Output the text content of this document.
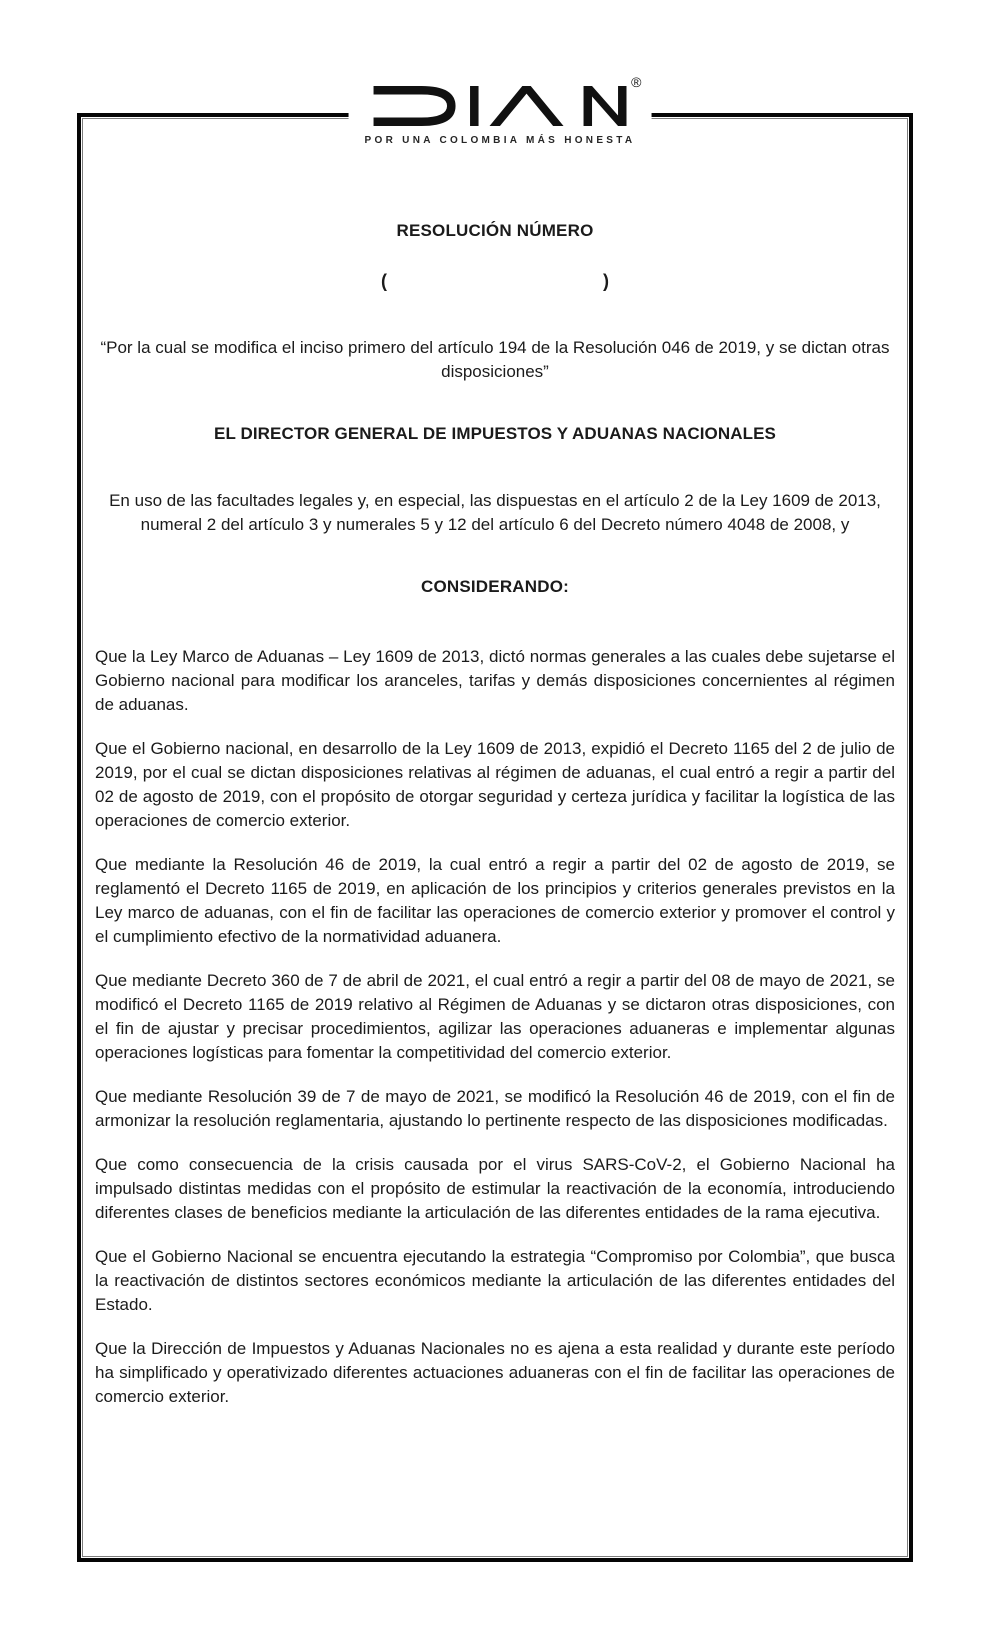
®
POR UNA COLOMBIA MÁS HONESTA
RESOLUCIÓN NÚMERO
(	)
“Por la cual se modifica el inciso primero del artículo 194 de la Resolución 046 de 2019, y se dictan otras disposiciones”
EL DIRECTOR GENERAL DE IMPUESTOS Y ADUANAS NACIONALES
En uso de las facultades legales y, en especial, las dispuestas en el artículo 2 de la Ley 1609 de 2013, numeral 2 del artículo 3 y numerales 5 y 12 del artículo 6 del Decreto número 4048 de 2008, y
CONSIDERANDO:

Que la Ley Marco de Aduanas – Ley 1609 de 2013, dictó normas generales a las cuales debe sujetarse el Gobierno nacional para modificar los aranceles, tarifas y demás disposiciones concernientes al régimen de aduanas.

Que el Gobierno nacional, en desarrollo de la Ley 1609 de 2013, expidió el Decreto 1165 del 2 de julio de 2019, por el cual se dictan disposiciones relativas al régimen de aduanas, el cual entró a regir a partir del 02 de agosto de 2019, con el propósito de otorgar seguridad y certeza jurídica y facilitar la logística de las operaciones de comercio exterior.

Que mediante la Resolución 46 de 2019, la cual entró a regir a partir del 02 de agosto de 2019, se reglamentó el Decreto 1165 de 2019, en aplicación de los principios y criterios generales previstos en la Ley marco de aduanas, con el fin de facilitar las operaciones de comercio exterior y promover el control y el cumplimiento efectivo de la normatividad aduanera.

Que mediante Decreto 360 de 7 de abril de 2021, el cual entró a regir a partir del 08 de mayo de 2021, se modificó el Decreto 1165 de 2019 relativo al Régimen de Aduanas y se dictaron otras disposiciones, con el fin de ajustar y precisar procedimientos, agilizar las operaciones aduaneras e implementar algunas operaciones logísticas para fomentar la competitividad del comercio exterior.

Que mediante Resolución 39 de 7 de mayo de 2021, se modificó la Resolución 46 de 2019, con el fin de armonizar la resolución reglamentaria, ajustando lo pertinente respecto de las disposiciones modificadas.

Que como consecuencia de la crisis causada por el virus SARS-CoV-2, el Gobierno Nacional ha impulsado distintas medidas con el propósito de estimular la reactivación de la economía, introduciendo diferentes clases de beneficios mediante la articulación de las diferentes entidades de la rama ejecutiva.

Que el Gobierno Nacional se encuentra ejecutando la estrategia “Compromiso por Colombia”, que busca la reactivación de distintos sectores económicos mediante la articulación de las diferentes entidades del Estado.

Que la Dirección de Impuestos y Aduanas Nacionales no es ajena a esta realidad y durante este período ha simplificado y operativizado diferentes actuaciones aduaneras con el fin de facilitar las operaciones de comercio exterior.
